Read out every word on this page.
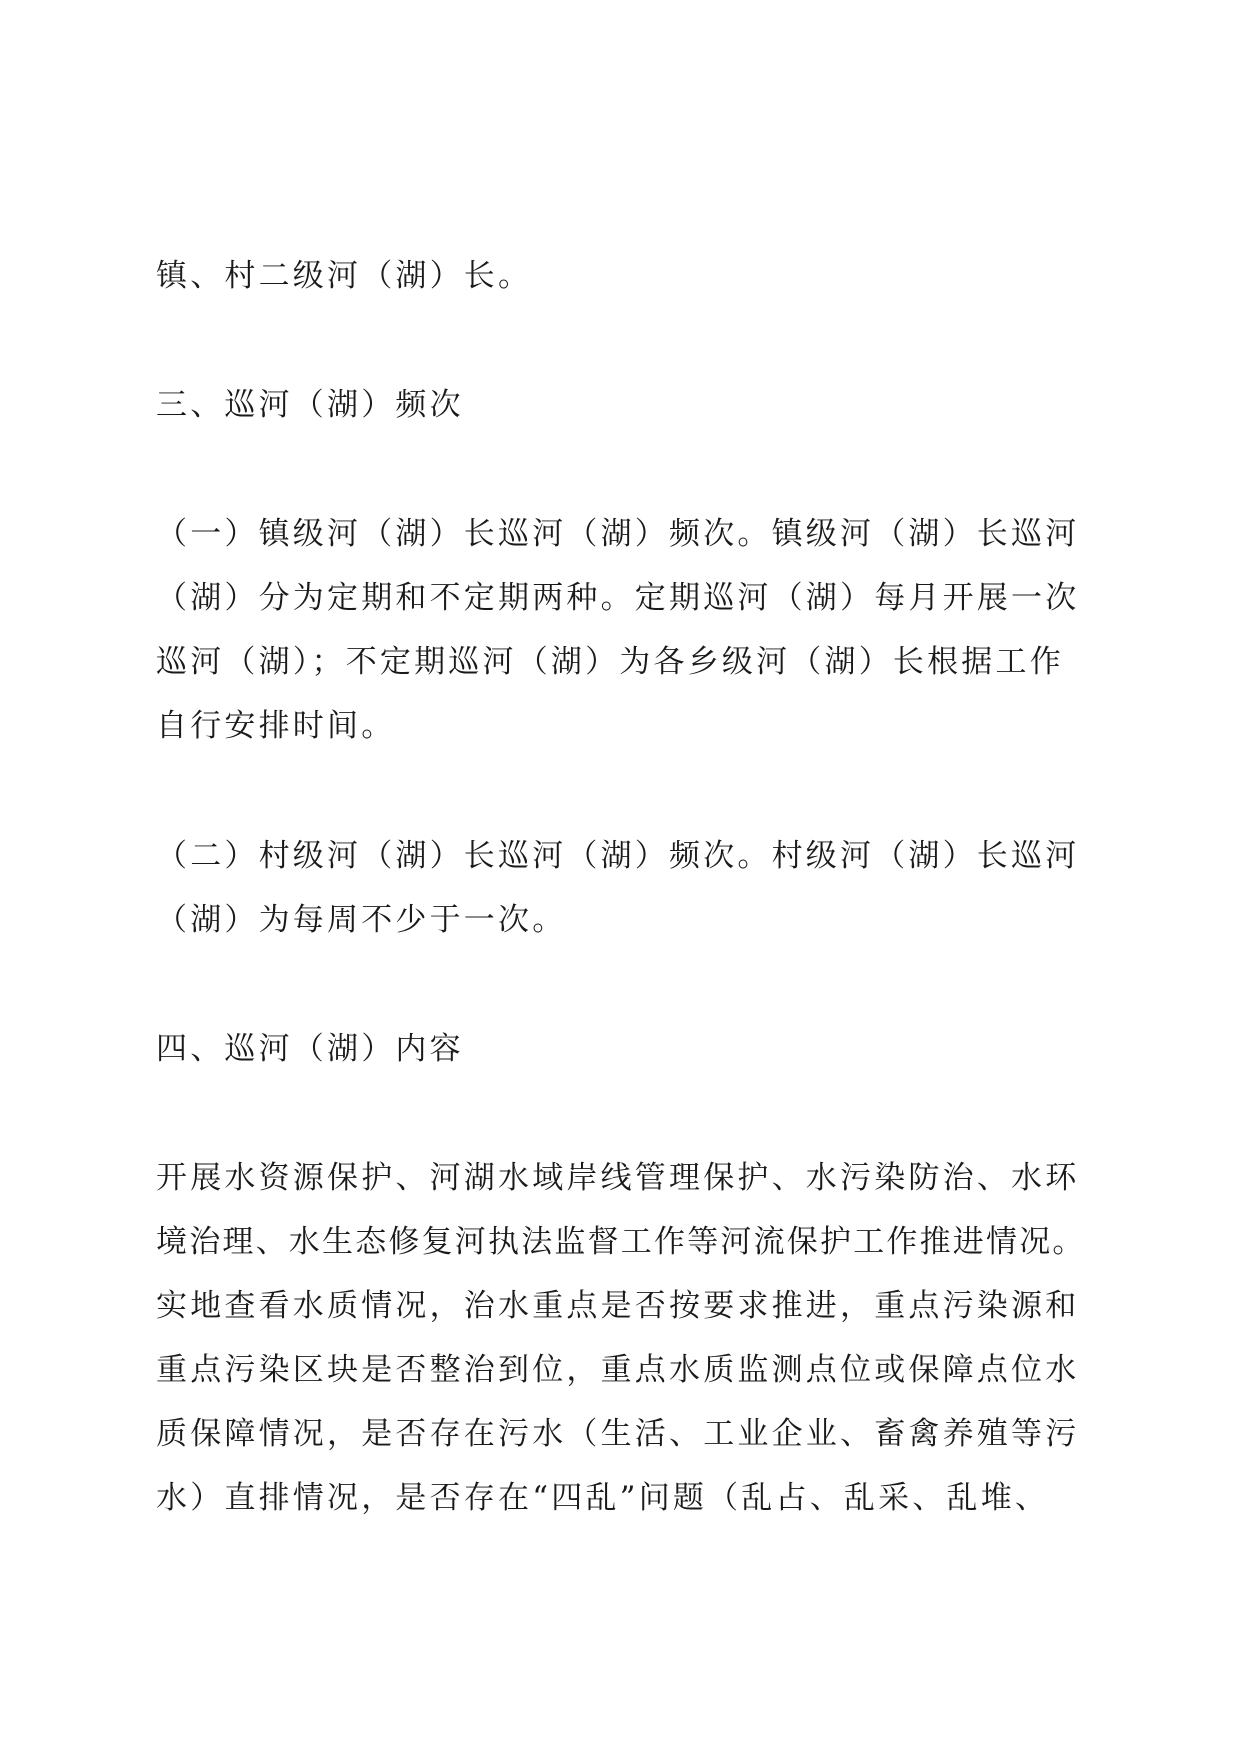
镇、村二级河（湖）长。

三、巡河（湖）频次

（一）镇级河（湖）长巡河（湖）频次。镇级河（湖）长巡河
（湖）分为定期和不定期两种。定期巡河（湖）每月开展一次
巡河（湖）；不定期巡河（湖）为各乡级河（湖）长根据工作
自行安排时间。

（二）村级河（湖）长巡河（湖）频次。村级河（湖）长巡河
（湖）为每周不少于一次。

四、巡河（湖）内容

开展水资源保护、河湖水域岸线管理保护、水污染防治、水环
境治理、水生态修复河执法监督工作等河流保护工作推进情况。
实地查看水质情况，治水重点是否按要求推进，重点污染源和
重点污染区块是否整治到位，重点水质监测点位或保障点位水
质保障情况，是否存在污水（生活、工业企业、畜禽养殖等污
水）直排情况，是否存在“四乱”问题（乱占、乱采、乱堆、
